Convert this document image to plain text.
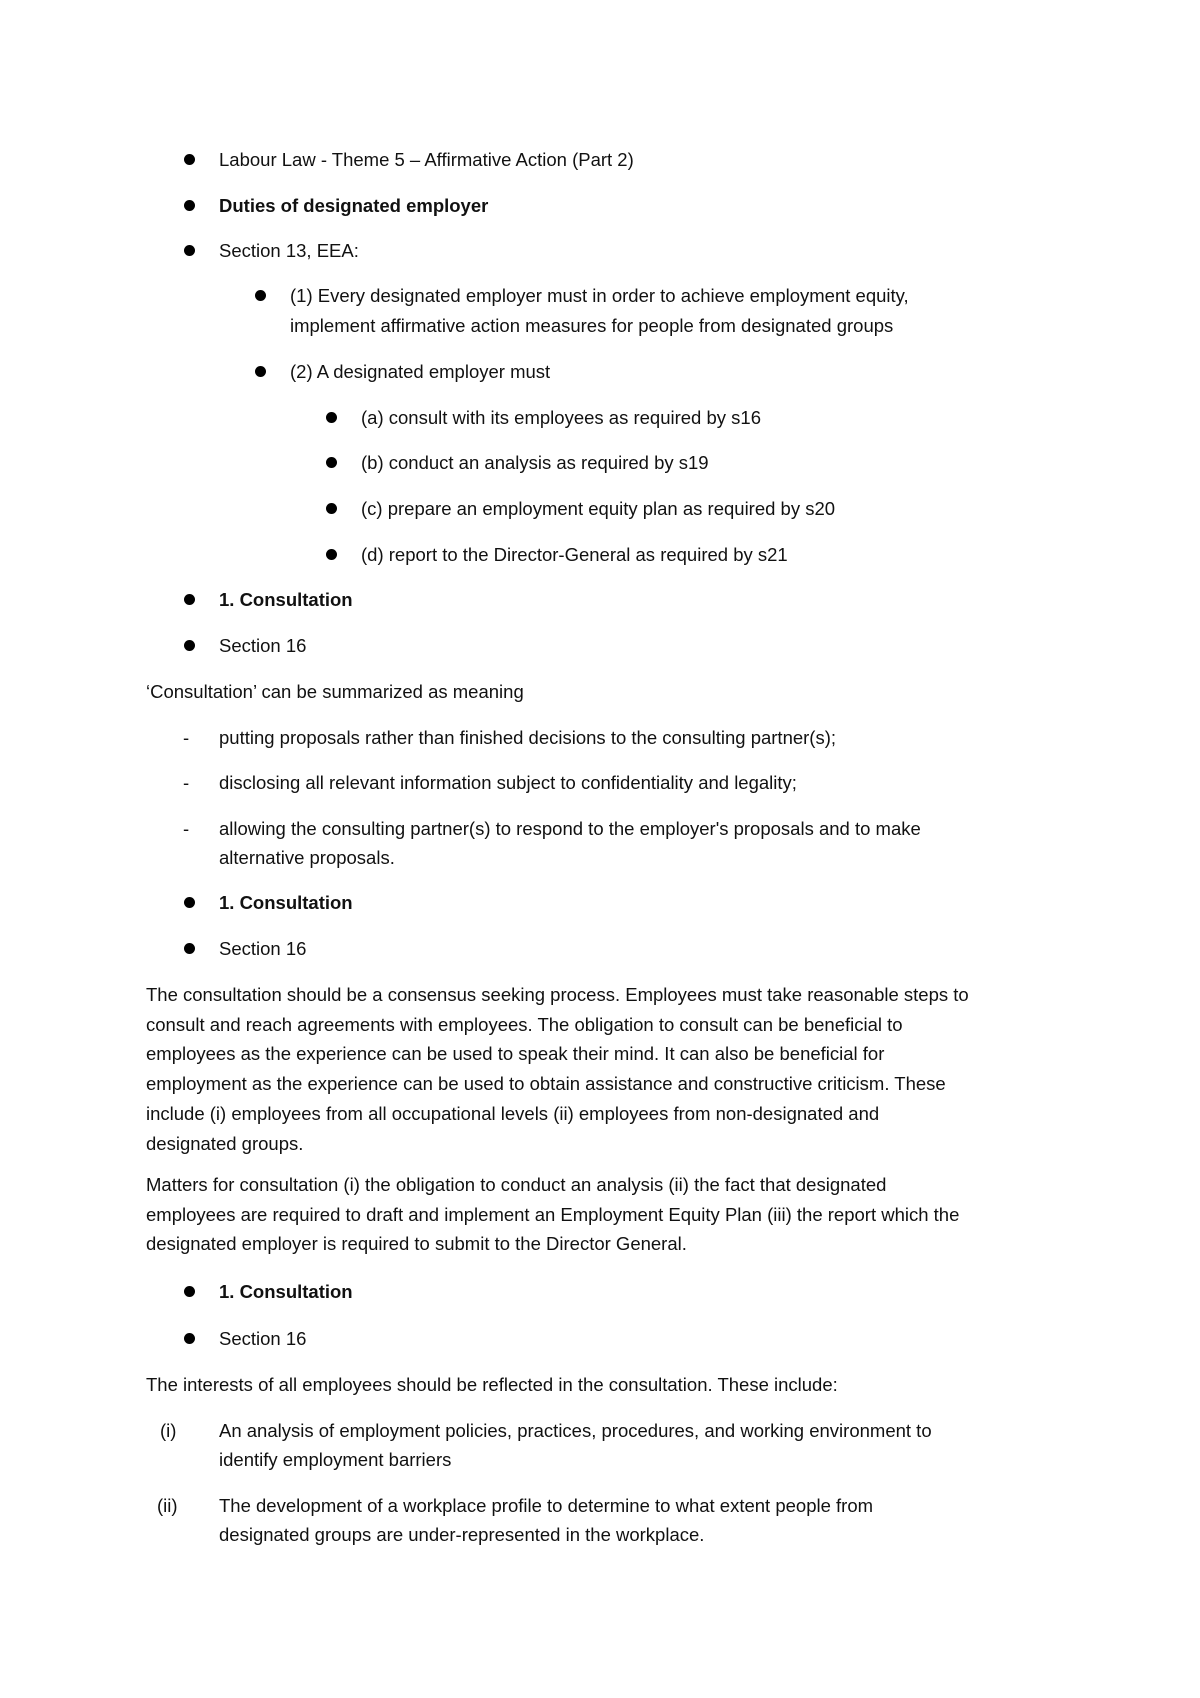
Labour Law - Theme 5 – Affirmative Action (Part 2)
Duties of designated employer
Section 13, EEA:
(1) Every designated employer must in order to achieve employment equity,
implement affirmative action measures for people from designated groups
(2) A designated employer must
(a) consult with its employees as required by s16
(b) conduct an analysis as required by s19
(c) prepare an employment equity plan as required by s20
(d) report to the Director-General as required by s21
1. Consultation
Section 16
‘Consultation’ can be summarized as meaning
- putting proposals rather than finished decisions to the consulting partner(s);
- disclosing all relevant information subject to confidentiality and legality;
- allowing the consulting partner(s) to respond to the employer's proposals and to make
alternative proposals.
1. Consultation
Section 16
The consultation should be a consensus seeking process. Employees must take reasonable steps to
consult and reach agreements with employees. The obligation to consult can be beneficial to
employees as the experience can be used to speak their mind. It can also be beneficial for
employment as the experience can be used to obtain assistance and constructive criticism. These
include (i) employees from all occupational levels (ii) employees from non-designated and
designated groups.
Matters for consultation (i) the obligation to conduct an analysis (ii) the fact that designated
employees are required to draft and implement an Employment Equity Plan (iii) the report which the
designated employer is required to submit to the Director General.
1. Consultation
Section 16
The interests of all employees should be reflected in the consultation. These include:
(i) An analysis of employment policies, practices, procedures, and working environment to
identify employment barriers
(ii) The development of a workplace profile to determine to what extent people from
designated groups are under-represented in the workplace.
